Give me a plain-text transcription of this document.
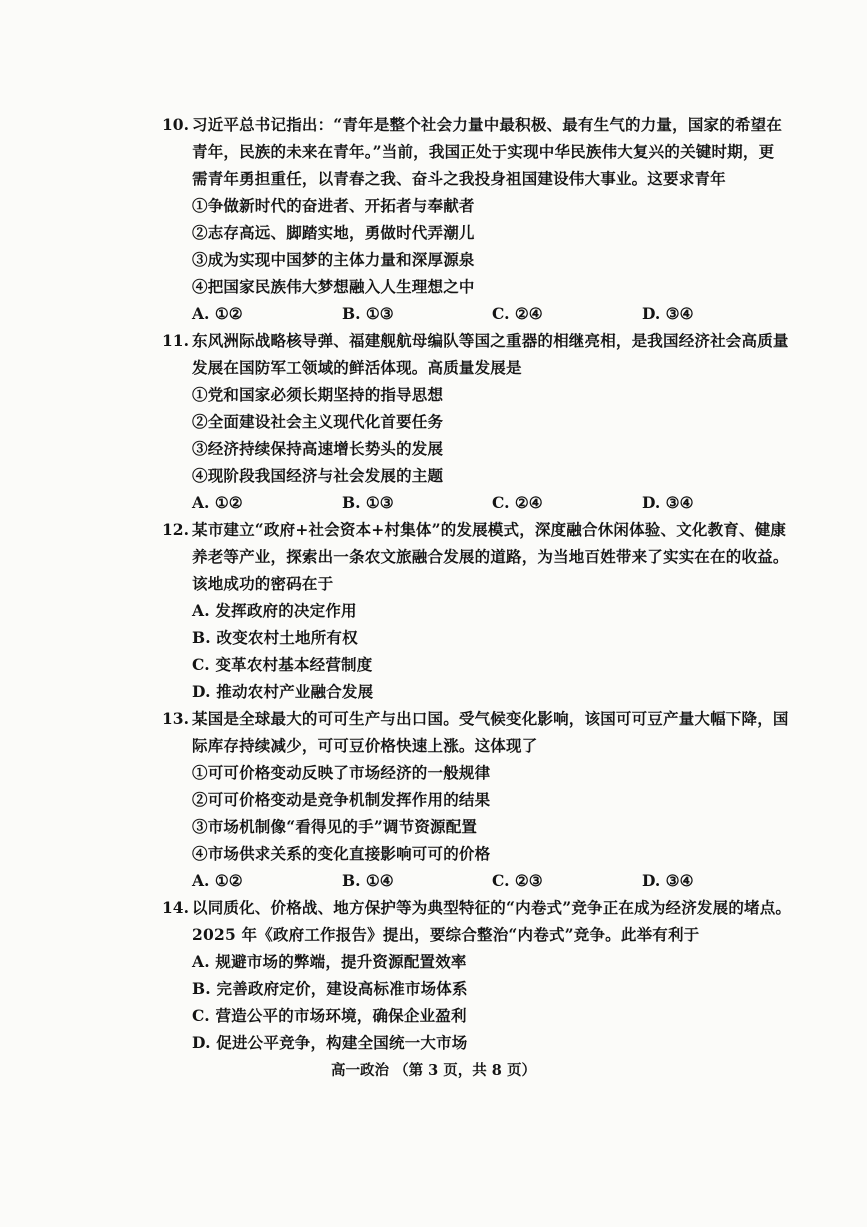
10. 习近平总书记指出：“青年是整个社会力量中最积极、最有生气的力量，国家的希望在
青年，民族的未来在青年。”当前，我国正处于实现中华民族伟大复兴的关键时期，更
需青年勇担重任，以青春之我、奋斗之我投身祖国建设伟大事业。这要求青年
①争做新时代的奋进者、开拓者与奉献者
②志存高远、脚踏实地，勇做时代弄潮儿
③成为实现中国梦的主体力量和深厚源泉
④把国家民族伟大梦想融入人生理想之中
A. ①②	B. ①③	C. ②④	D. ③④
11. 东风洲际战略核导弹、福建舰航母编队等国之重器的相继亮相，是我国经济社会高质量
发展在国防军工领域的鲜活体现。高质量发展是
①党和国家必须长期坚持的指导思想
②全面建设社会主义现代化首要任务
③经济持续保持高速增长势头的发展
④现阶段我国经济与社会发展的主题
A. ①②	B. ①③	C. ②④	D. ③④
12. 某市建立“政府+社会资本+村集体”的发展模式，深度融合休闲体验、文化教育、健康
养老等产业，探索出一条农文旅融合发展的道路，为当地百姓带来了实实在在的收益。
该地成功的密码在于
A. 发挥政府的决定作用
B. 改变农村土地所有权
C. 变革农村基本经营制度
D. 推动农村产业融合发展
13. 某国是全球最大的可可生产与出口国。受气候变化影响，该国可可豆产量大幅下降，国
际库存持续减少，可可豆价格快速上涨。这体现了
①可可价格变动反映了市场经济的一般规律
②可可价格变动是竞争机制发挥作用的结果
③市场机制像“看得见的手”调节资源配置
④市场供求关系的变化直接影响可可的价格
A. ①②	B. ①④	C. ②③	D. ③④
14. 以同质化、价格战、地方保护等为典型特征的“内卷式”竞争正在成为经济发展的堵点。
2025 年《政府工作报告》提出，要综合整治“内卷式”竞争。此举有利于
A. 规避市场的弊端，提升资源配置效率
B. 完善政府定价，建设高标准市场体系
C. 营造公平的市场环境，确保企业盈利
D. 促进公平竞争，构建全国统一大市场
高一政治 （第 3 页，共 8 页）
